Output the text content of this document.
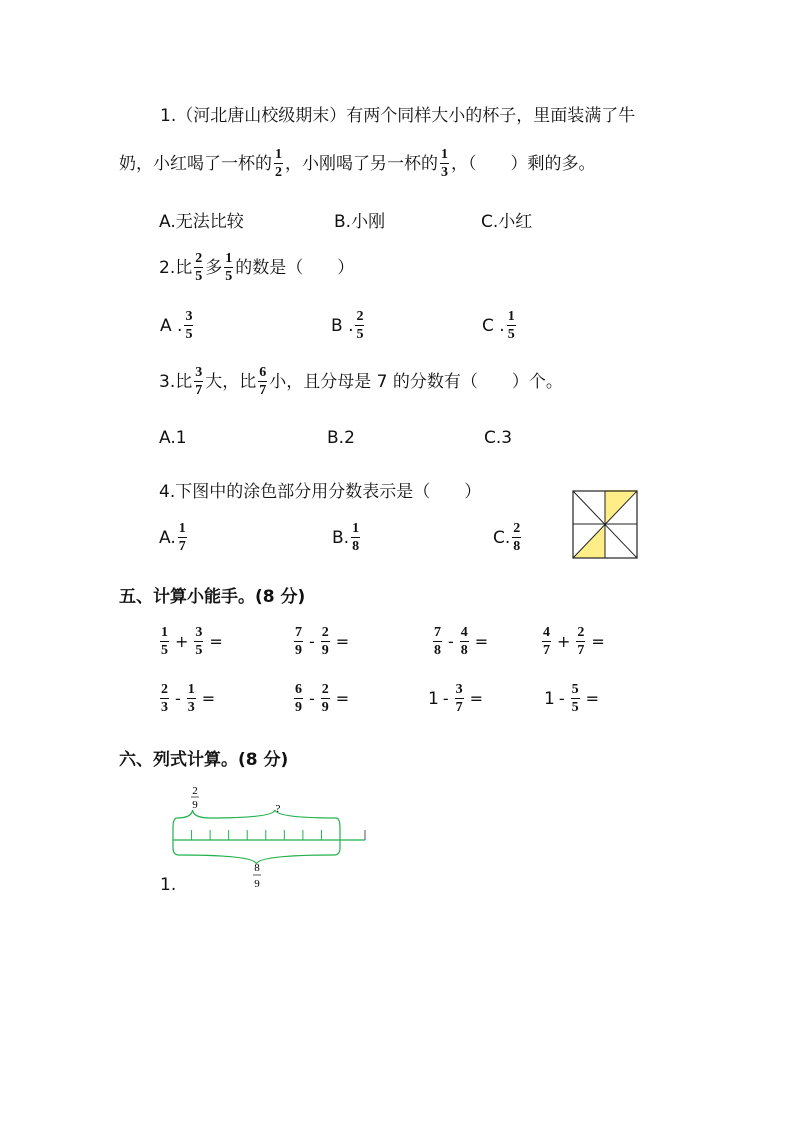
1.（河北唐山校级期末）有两个同样大小的杯子，里面装满了牛
奶，小红喝了一杯的 $\frac{1}{2}$ ，小刚喝了另一杯的 $\frac{1}{3}$ ，（　　）剩的多。
A.无法比较	B.小刚	C.小红
2.比 $\frac{2}{5}$ 多 $\frac{1}{5}$ 的数是（　　）
A . $\frac{3}{5}$	B . $\frac{2}{5}$	C . $\frac{1}{5}$
3.比 $\frac{3}{7}$ 大，比 $\frac{6}{7}$ 小，且分母是 7 的分数有（　　）个。
A.1	B.2	C.3
4.下图中的涂色部分用分数表示是（　　）
A. $\frac{1}{7}$	B. $\frac{1}{8}$	C. $\frac{2}{8}$
五、计算小能手。(8 分)
$\frac{1}{5} + \frac{3}{5}$ =	$\frac{7}{9} - \frac{2}{9}$ =	$\frac{7}{8} - \frac{4}{8}$ =	$\frac{4}{7} + \frac{2}{7}$ =
$\frac{2}{3} - \frac{1}{3}$ =	$\frac{6}{9} - \frac{2}{9}$ =	$1 - \frac{3}{7}$ =	$1 - \frac{5}{5}$ =
六、列式计算。(8 分)
1.
2
9	?
8
9
